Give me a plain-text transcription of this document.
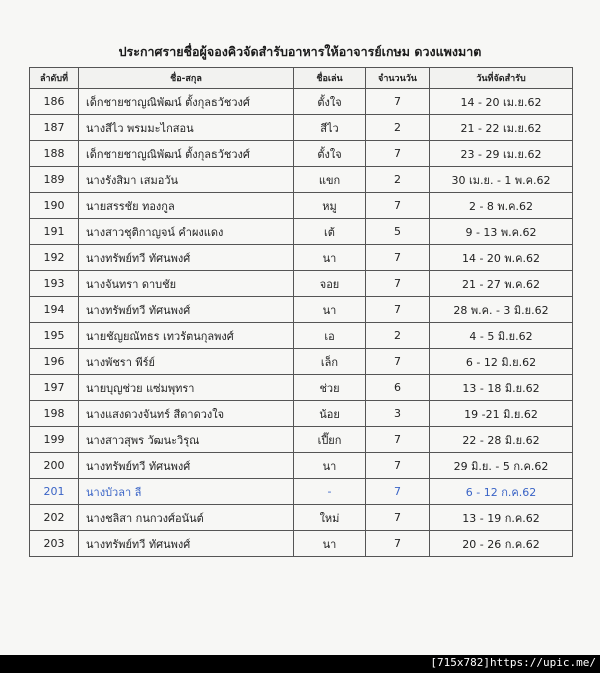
ประกาศรายชื่อผู้จองคิวจัดสำรับอาหารให้อาจารย์เกษม ดวงแพงมาต
ลำดับที่	ชื่อ-สกุล	ชื่อเล่น	จำนวนวัน	วันที่จัดสำรับ
186	เด็กชายชาญณิพัฒน์ ตั้งกุลธวัชวงศ์	ตั้งใจ	7	14 - 20 เม.ย.62
187	นางสีไว พรมมะไกสอน	สีไว	2	21 - 22 เม.ย.62
188	เด็กชายชาญณิพัฒน์ ตั้งกุลธวัชวงศ์	ตั้งใจ	7	23 - 29 เม.ย.62
189	นางรังสิมา เสมอวัน	แขก	2	30 เม.ย. - 1 พ.ค.62
190	นายสรรชัย ทองกูล	หมู	7	2 - 8 พ.ค.62
191	นางสาวชุติกาญจน์ คำผงแดง	เต้	5	9 - 13 พ.ค.62
192	นางทรัพย์ทวี ทัศนพงศ์	นา	7	14 - 20 พ.ค.62
193	นางจันทรา ดาบชัย	จอย	7	21 - 27 พ.ค.62
194	นางทรัพย์ทวี ทัศนพงศ์	นา	7	28 พ.ค. - 3 มิ.ย.62
195	นายชัญยณัทธร เทวรัตนกุลพงศ์	เอ	2	4 - 5 มิ.ย.62
196	นางพัชรา พีร์ย์	เล็ก	7	6 - 12 มิ.ย.62
197	นายบุญช่วย แซ่มพุทรา	ช่วย	6	13 - 18 มิ.ย.62
198	นางแสงดวงจันทร์ สีดาดวงใจ	น้อย	3	19 -21 มิ.ย.62
199	นางสาวสุพร วัฒนะวิรุณ	เปี๊ยก	7	22 - 28 มิ.ย.62
200	นางทรัพย์ทวี ทัศนพงศ์	นา	7	29 มิ.ย. - 5 ก.ค.62
201	นางบัวลา ลี	-	7	6 - 12 ก.ค.62
202	นางชลิสา กนกวงศ์อนันต์	ใหม่	7	13 - 19 ก.ค.62
203	นางทรัพย์ทวี ทัศนพงศ์	นา	7	20 - 26 ก.ค.62
[715x782]https://upic.me/
